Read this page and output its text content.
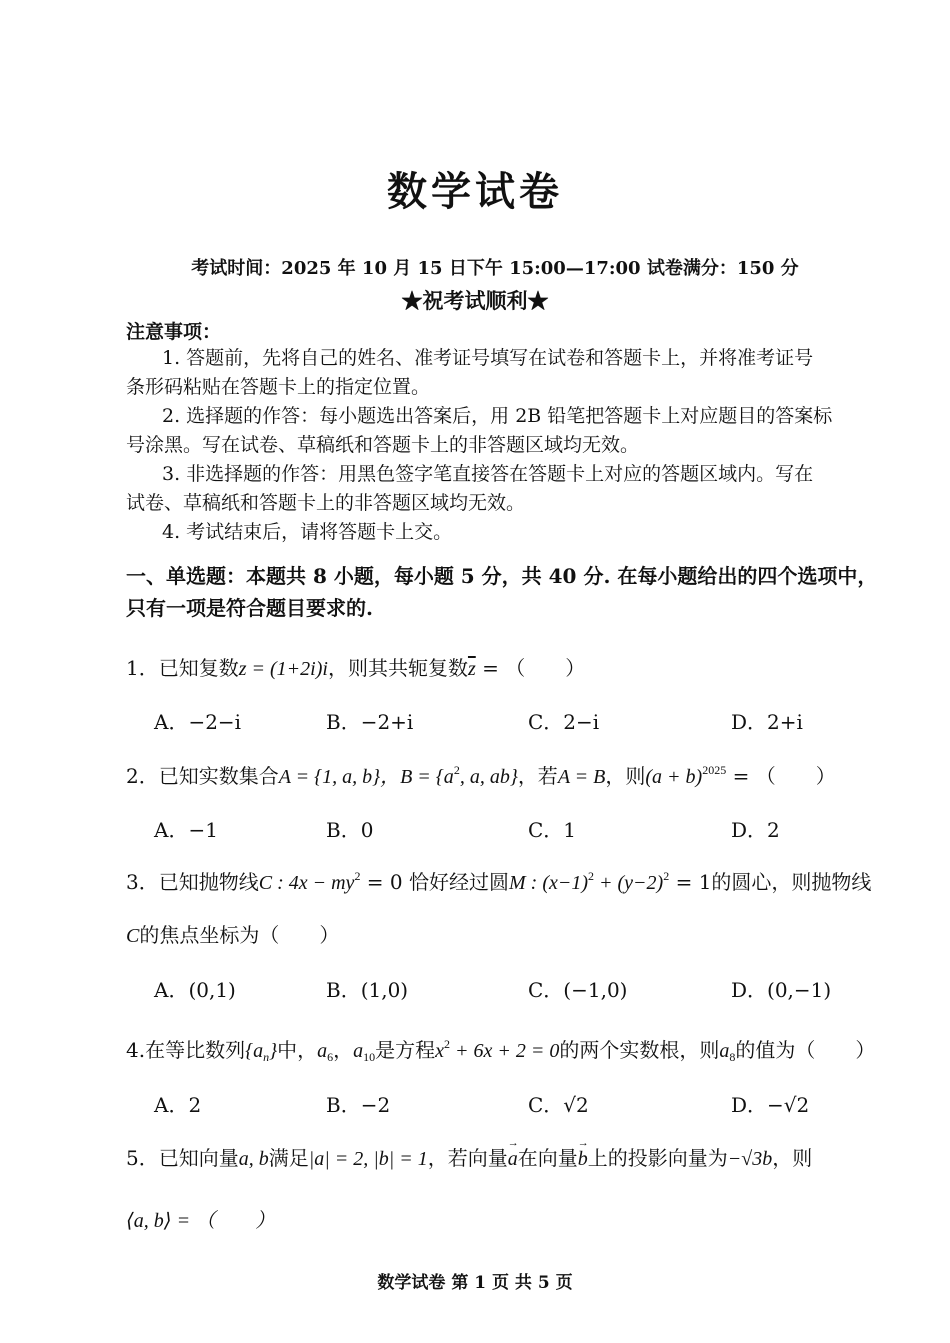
数学试卷
考试时间：2025 年 10 月 15 日下午 15:00—17:00 试卷满分：150 分
★祝考试顺利★
注意事项：
1. 答题前，先将自己的姓名、准考证号填写在试卷和答题卡上，并将准考证号
条形码粘贴在答题卡上的指定位置。
2. 选择题的作答：每小题选出答案后，用 2B 铅笔把答题卡上对应题目的答案标
号涂黑。写在试卷、草稿纸和答题卡上的非答题区域均无效。
3. 非选择题的作答：用黑色签字笔直接答在答题卡上对应的答题区域内。写在
试卷、草稿纸和答题卡上的非答题区域均无效。
4. 考试结束后，请将答题卡上交。
一、单选题：本题共 8 小题，每小题 5 分，共 40 分. 在每小题给出的四个选项中，
只有一项是符合题目要求的.
1．已知复数z = (1+2i)i，则其共轭复数$\overline{z}$ = （　　）
A．−2−i	B．−2+i	C．2−i	D．2+i
2．已知实数集合A = {1, a, b}，$B = \{a^2$, a, ab}，若A = B，则$(a + b)^{2025}$ = （　　）
A．−1	B．0	C．1	D．2
3．已知抛物线C : $4x - my^2 = 0$ 恰好经过圆M : $(x-1)^2 + (y-2)^2 = 1$的圆心，则抛物线
C的焦点坐标为（　　）
A．(0,1)	B．(1,0)	C．(−1,0)	D．(0,−1)
4.在等比数列$\{a_n\}$中，$a_6$，$a_{10}$是方程$x^2 + 6x + 2 = 0$的两个实数根，则$a_8$的值为（　　）
A．2	B．−2	C．√2	D．−√2
5．已知向量a, b满足|a| = 2, |b| = 1，若向量→ a在向量→ b上的投影向量为−√3b，则
⟨a, b⟩ = （　　）
数学试卷 第 1 页 共 5 页
